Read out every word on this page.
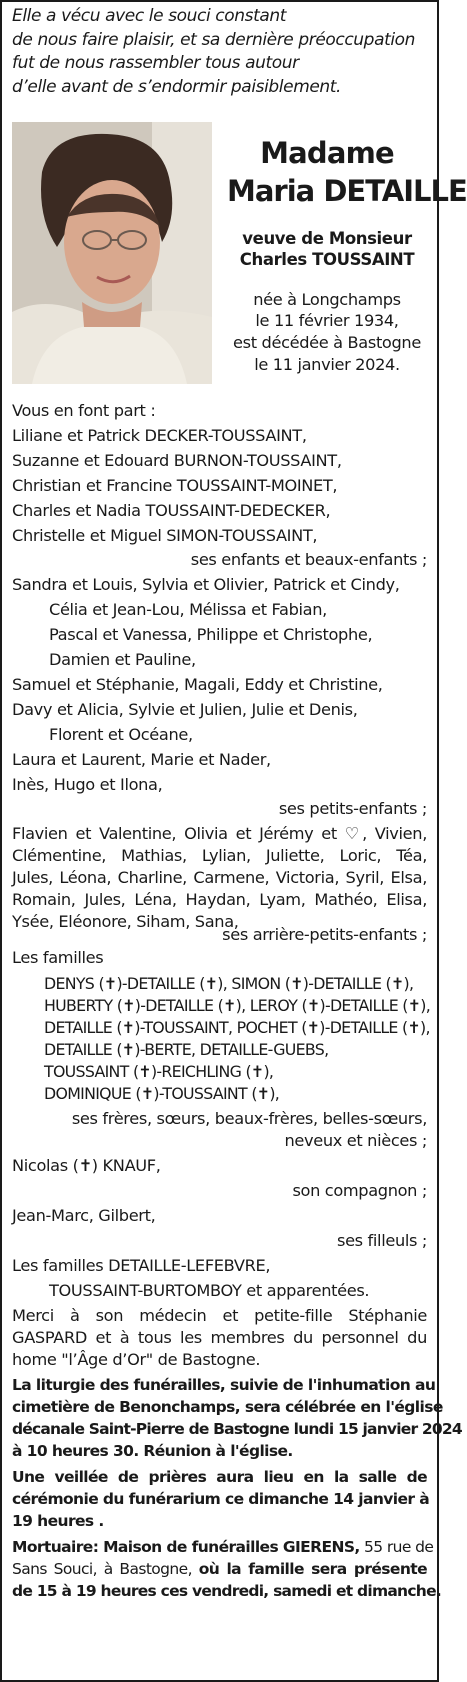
Elle a vécu avec le souci constant
de nous faire plaisir, et sa dernière préoccupation
fut de nous rassembler tous autour
d’elle avant de s’endormir paisiblement.
Madame
Maria DETAILLE
veuve de Monsieur
Charles TOUSSAINT
née à Longchamps
le 11 février 1934,
est décédée à Bastogne
le 11 janvier 2024.
Vous en font part :
Liliane et Patrick DECKER-TOUSSAINT,
Suzanne et Edouard BURNON-TOUSSAINT,
Christian et Francine TOUSSAINT-MOINET,
Charles et Nadia TOUSSAINT-DEDECKER,
Christelle et Miguel SIMON-TOUSSAINT,
ses enfants et beaux-enfants ;
Sandra et Louis, Sylvia et Olivier, Patrick et Cindy,
Célia et Jean-Lou, Mélissa et Fabian,
Pascal et Vanessa, Philippe et Christophe,
Damien et Pauline,
Samuel et Stéphanie, Magali, Eddy et Christine,
Davy et Alicia, Sylvie et Julien, Julie et Denis,
Florent et Océane,
Laura et Laurent, Marie et Nader,
Inès, Hugo et Ilona,
ses petits-enfants ;
Flavien et Valentine, Olivia et Jérémy et ♡, Vivien,
Clémentine, Mathias, Lylian, Juliette, Loric, Téa,
Jules, Léona, Charline, Carmene, Victoria, Syril, Elsa,
Romain, Jules, Léna, Haydan, Lyam, Mathéo, Elisa,
Ysée, Eléonore, Siham, Sana,
ses arrière-petits-enfants ;
Les familles
DENYS (✝)-DETAILLE (✝), SIMON (✝)-DETAILLE (✝),
HUBERTY (✝)-DETAILLE (✝), LEROY (✝)-DETAILLE (✝),
DETAILLE (✝)-TOUSSAINT, POCHET (✝)-DETAILLE (✝),
DETAILLE (✝)-BERTE, DETAILLE-GUEBS,
TOUSSAINT (✝)-REICHLING (✝),
DOMINIQUE (✝)-TOUSSAINT (✝),
ses frères, sœurs, beaux-frères, belles-sœurs,
neveux et nièces ;
Nicolas (✝) KNAUF,
son compagnon ;
Jean-Marc, Gilbert,
ses filleuls ;
Les familles DETAILLE-LEFEBVRE,
TOUSSAINT-BURTOMBOY et apparentées.
Merci à son médecin et petite-fille Stéphanie
GASPARD et à tous les membres du personnel du
home "l’Âge d’Or" de Bastogne.
La liturgie des funérailles, suivie de l'inhumation au
cimetière de Benonchamps, sera célébrée en l'église
décanale Saint-Pierre de Bastogne lundi 15 janvier 2024
à 10 heures 30. Réunion à l'église.
Une veillée de prières aura lieu en la salle de
cérémonie du funérarium ce dimanche 14 janvier à
19 heures .
Mortuaire: Maison de funérailles GIERENS, 55 rue de
Sans Souci, à Bastogne, où la famille sera présente
de 15 à 19 heures ces vendredi, samedi et dimanche.
